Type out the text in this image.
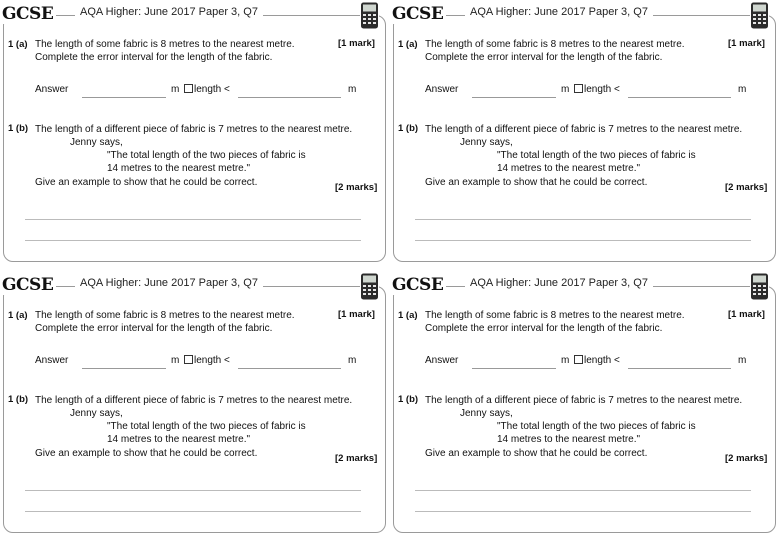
GCSE	AQA Higher: June 2017 Paper 3, Q7
1 (a) The length of some fabric is 8 metres to the nearest metre.
Complete the error interval for the length of the fabric.
[1 mark]
Answer	m	length <	m
1 (b) The length of a different piece of fabric is 7 metres to the nearest metre.
Jenny says,
"The total length of the two pieces of fabric is
14 metres to the nearest metre."
Give an example to show that he could be correct.	[2 marks]
GCSE	AQA Higher: June 2017 Paper 3, Q7
1 (a) The length of some fabric is 8 metres to the nearest metre.
Complete the error interval for the length of the fabric.
[1 mark]
Answer	m	length <	m
1 (b) The length of a different piece of fabric is 7 metres to the nearest metre.
Jenny says,
"The total length of the two pieces of fabric is
14 metres to the nearest metre."
Give an example to show that he could be correct.	[2 marks]
GCSE	AQA Higher: June 2017 Paper 3, Q7
1 (a) The length of some fabric is 8 metres to the nearest metre.
Complete the error interval for the length of the fabric.
[1 mark]
Answer	m	length <	m
1 (b) The length of a different piece of fabric is 7 metres to the nearest metre.
Jenny says,
"The total length of the two pieces of fabric is
14 metres to the nearest metre."
Give an example to show that he could be correct.	[2 marks]
GCSE	AQA Higher: June 2017 Paper 3, Q7
1 (a) The length of some fabric is 8 metres to the nearest metre.
Complete the error interval for the length of the fabric.
[1 mark]
Answer	m	length <	m
1 (b) The length of a different piece of fabric is 7 metres to the nearest metre.
Jenny says,
"The total length of the two pieces of fabric is
14 metres to the nearest metre."
Give an example to show that he could be correct.	[2 marks]
